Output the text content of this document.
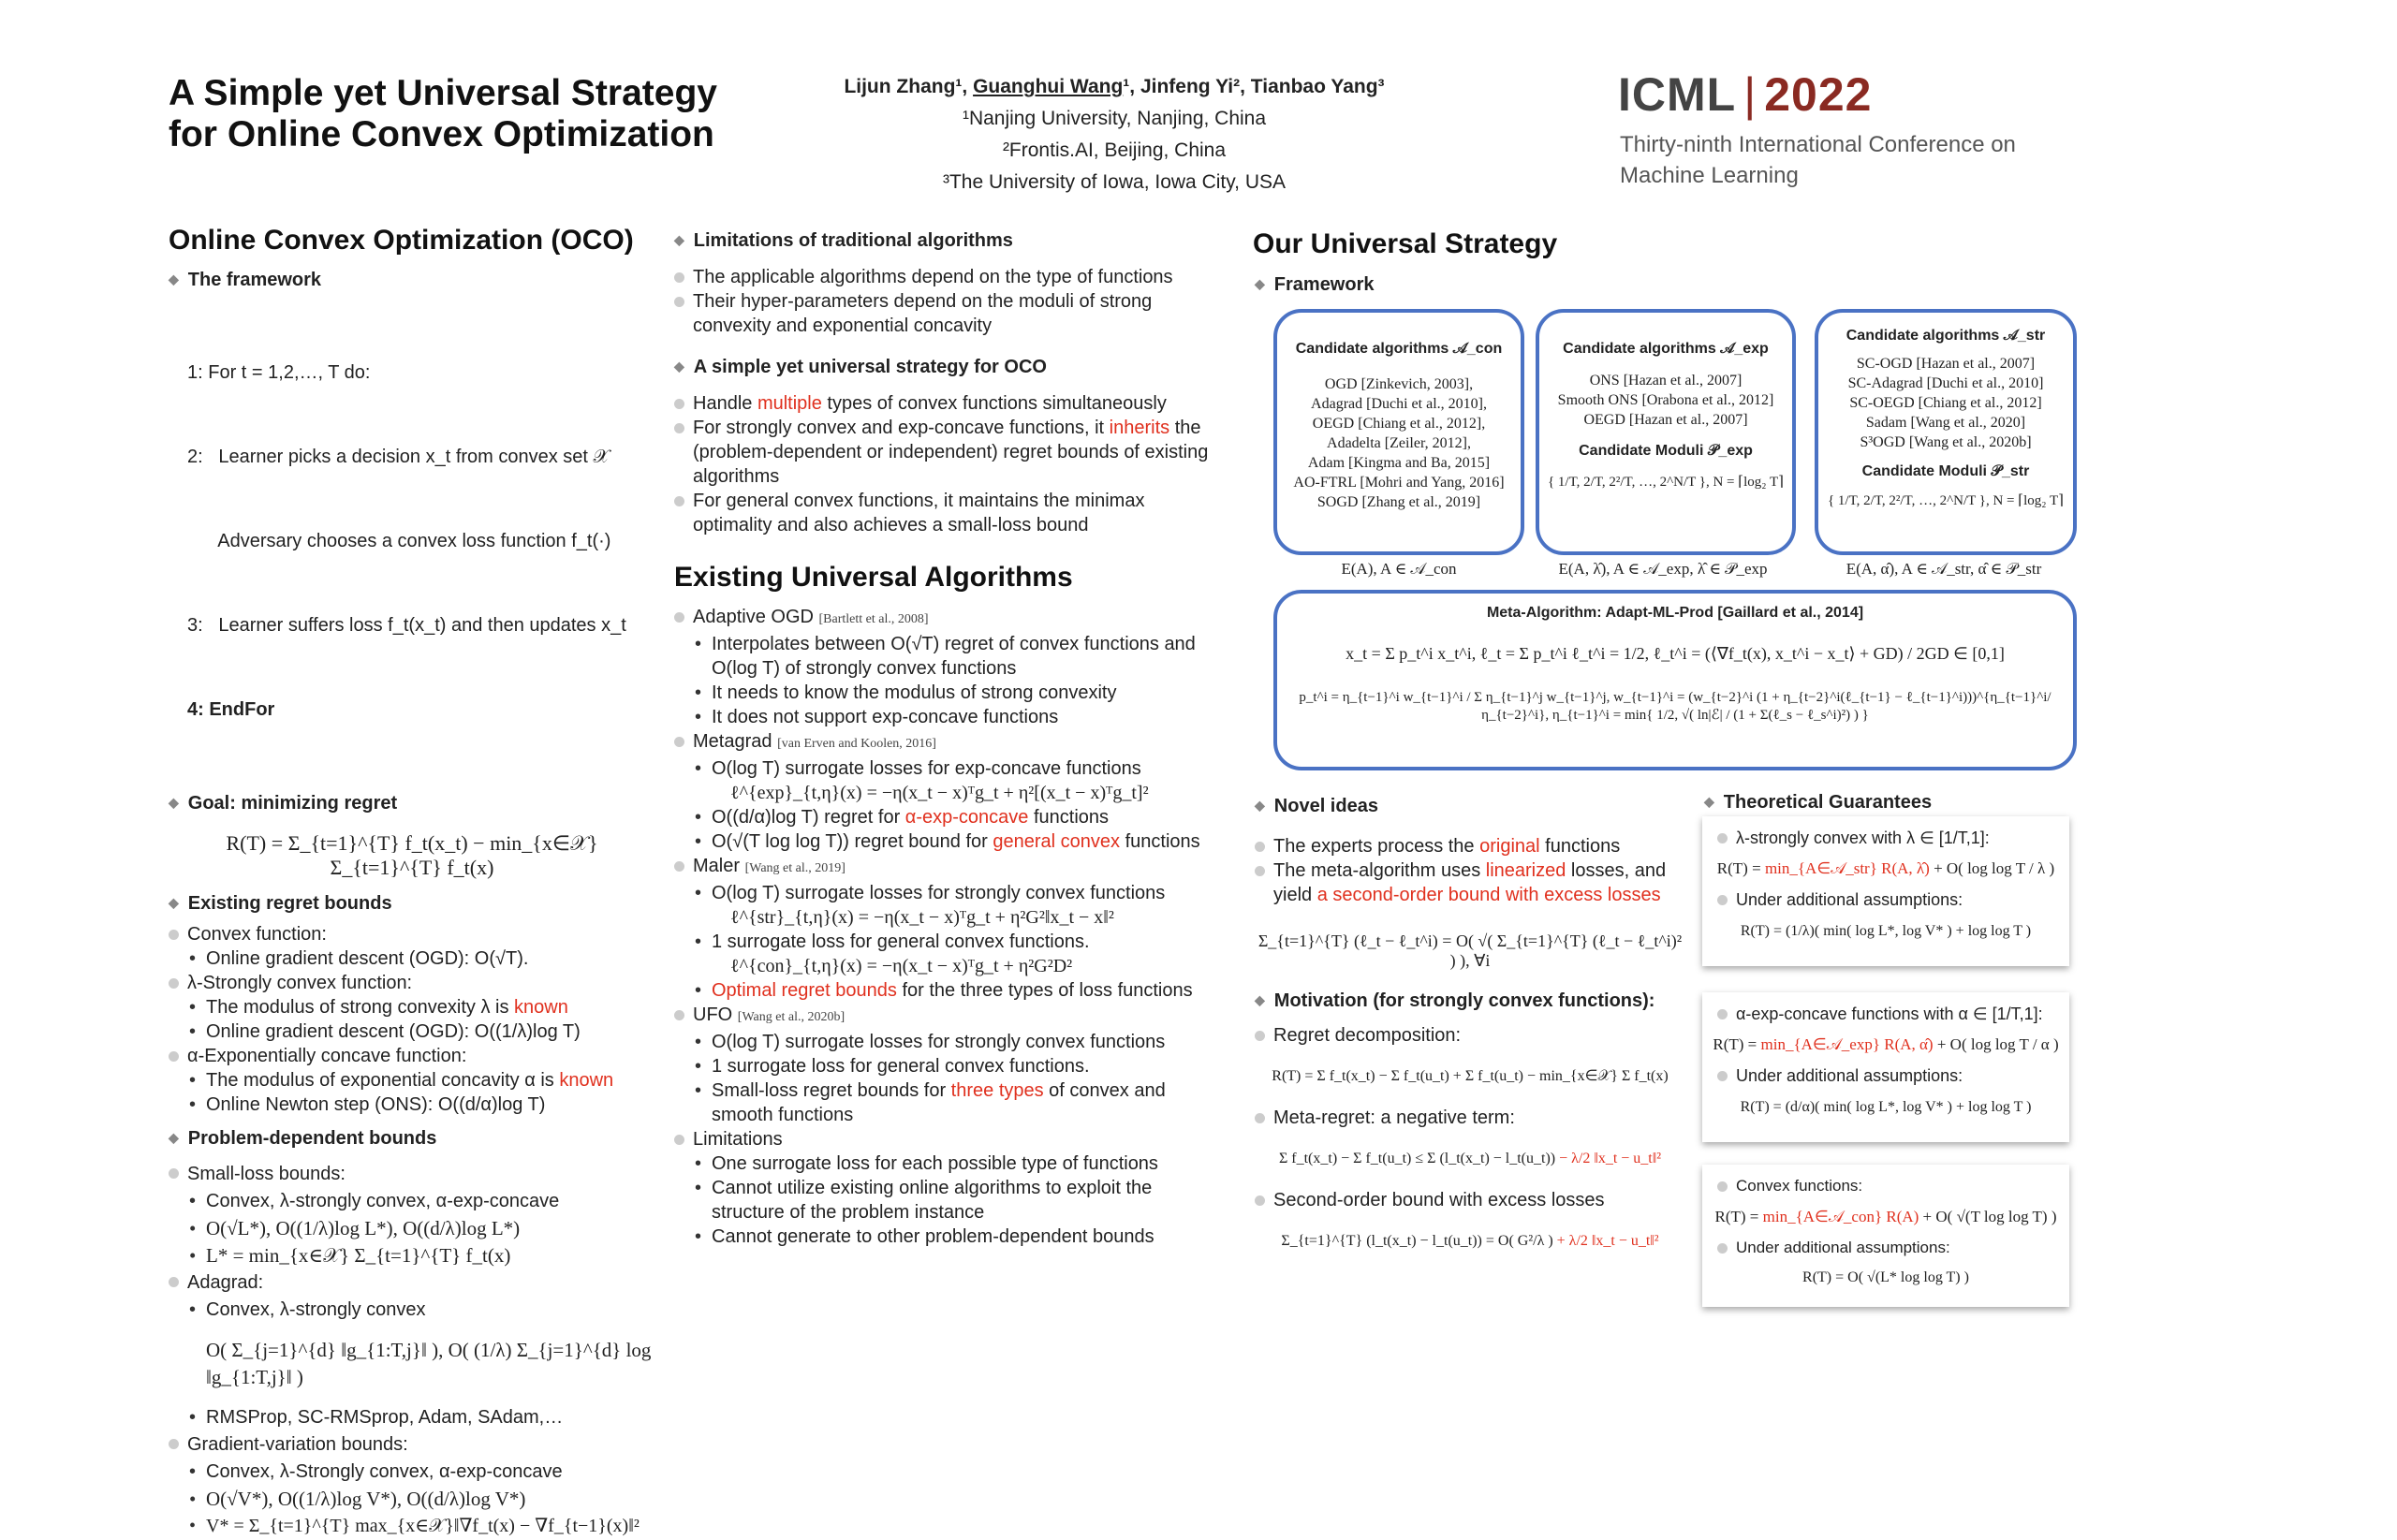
A Simple yet Universal Strategy
for Online Convex Optimization
Lijun Zhang¹, Guanghui Wang¹, Jinfeng Yi², Tianbao Yang³
¹Nanjing University, Nanjing, China
²Frontis.AI, Beijing, China
³The University of Iowa, Iowa City, USA
ICML | 2022
Thirty-ninth International Conference on
Machine Learning
Online Convex Optimization (OCO)
◆ The framework

1: For t = 1,2,…, T do:

2:   Learner picks a decision x_t from convex set 𝒳

Adversary chooses a convex loss function f_t(·)

3:   Learner suffers loss f_t(x_t) and then updates x_t

4: EndFor

◆ Goal: minimizing regret
R(T) = Σ_{t=1}^{T} f_t(x_t) − min_{x∈𝒳} Σ_{t=1}^{T} f_t(x)
◆ Existing regret bounds
Convex function:
• Online gradient descent (OGD): O(√T).
λ-Strongly convex function:
• The modulus of strong convexity λ is known
• Online gradient descent (OGD): O((1/λ)log T)
α-Exponentially concave function:
• The modulus of exponential concavity α is known
• Online Newton step (ONS): O((d/α)log T)
◆ Problem-dependent bounds
Small-loss bounds:
• Convex, λ-strongly convex, α-exp-concave
• O(√L*), O((1/λ)log L*), O((d/λ)log L*)
• L* = min_{x∈𝒳} Σ_{t=1}^{T} f_t(x)
Adagrad:
• Convex, λ-strongly convex
O( Σ_{j=1}^{d} ‖g_{1:T,j}‖ ), O( (1/λ) Σ_{j=1}^{d} log ‖g_{1:T,j}‖ )
• RMSProp, SC-RMSprop, Adam, SAdam,…
Gradient-variation bounds:
• Convex, λ-Strongly convex, α-exp-concave
• O(√V*), O((1/λ)log V*), O((d/λ)log V*)
• V* = Σ_{t=1}^{T} max_{x∈𝒳}‖∇f_t(x) − ∇f_{t−1}(x)‖²
◆ Limitations of traditional algorithms
The applicable algorithms depend on the type of functions
Their hyper-parameters depend on the moduli of strong convexity and exponential concavity
◆ A simple yet universal strategy for OCO
Handle multiple types of convex functions simultaneously
For strongly convex and exp-concave functions, it inherits the (problem-dependent or independent) regret bounds of existing algorithms
For general convex functions, it maintains the minimax optimality and also achieves a small-loss bound
Existing Universal Algorithms
Adaptive OGD [Bartlett et al., 2008]
• Interpolates between O(√T) regret of convex functions and O(log T) of strongly convex functions
• It needs to know the modulus of strong convexity
• It does not support exp-concave functions
Metagrad [van Erven and Koolen, 2016]
• O(log T) surrogate losses for exp-concave functions
ℓ^{exp}_{t,η}(x) = −η(x_t − x)ᵀg_t + η²[(x_t − x)ᵀg_t]²
• O((d/α)log T) regret for α-exp-concave functions
• O(√(T log log T)) regret bound for general convex functions
Maler [Wang et al., 2019]
• O(log T) surrogate losses for strongly convex functions
ℓ^{str}_{t,η}(x) = −η(x_t − x)ᵀg_t + η²G²‖x_t − x‖²
• 1 surrogate loss for general convex functions.
ℓ^{con}_{t,η}(x) = −η(x_t − x)ᵀg_t + η²G²D²
• Optimal regret bounds for the three types of loss functions
UFO [Wang et al., 2020b]
• O(log T) surrogate losses for strongly convex functions
• 1 surrogate loss for general convex functions.
• Small-loss regret bounds for three types of convex and smooth functions
Limitations
• One surrogate loss for each possible type of functions
• Cannot utilize existing online algorithms to exploit the structure of the problem instance
• Cannot generate to other problem-dependent bounds
Our Universal Strategy
◆ Framework
Candidate algorithms 𝒜_con
OGD [Zinkevich, 2003],
Adagrad [Duchi et al., 2010],
OEGD [Chiang et al., 2012],
Adadelta [Zeiler, 2012],
Adam [Kingma and Ba, 2015]
AO-FTRL [Mohri and Yang, 2016]
SOGD [Zhang et al., 2019]
E(A), A ∈ 𝒜_con
Candidate algorithms 𝒜_exp
ONS [Hazan et al., 2007]
Smooth ONS [Orabona et al., 2012]
OEGD [Hazan et al., 2007]
Candidate Moduli 𝒫_exp
{ 1/T, 2/T, 2²/T, …, 2^N/T }, N = ⌈log₂ T⌉
E(A, λ̂), A ∈ 𝒜_exp, λ̂ ∈ 𝒫_exp
Candidate algorithms 𝒜_str
SC-OGD [Hazan et al., 2007]
SC-Adagrad [Duchi et al., 2010]
SC-OEGD [Chiang et al., 2012]
Sadam [Wang et al., 2020]
S³OGD [Wang et al., 2020b]
Candidate Moduli 𝒫_str
{ 1/T, 2/T, 2²/T, …, 2^N/T }, N = ⌈log₂ T⌉
E(A, α̂), A ∈ 𝒜_str, α̂ ∈ 𝒫_str
Meta-Algorithm: Adapt-ML-Prod [Gaillard et al., 2014]
x_t = Σ p_t^i x_t^i, ℓ_t = Σ p_t^i ℓ_t^i = 1/2, ℓ_t^i = (⟨∇f_t(x), x_t^i − x_t⟩ + GD) / 2GD ∈ [0,1]
p_t^i = η_{t−1}^i w_{t−1}^i / Σ η_{t−1}^j w_{t−1}^j, w_{t−1}^i = (w_{t−2}^i (1 + η_{t−2}^i(ℓ_{t−1} − ℓ_{t−1}^i)))^{η_{t−1}^i/η_{t−2}^i}, η_{t−1}^i = min{ 1/2, √( ln|ℰ| / (1 + Σ(ℓ_s − ℓ_s^i)²) ) }
◆ Novel ideas
The experts process the original functions
The meta-algorithm uses linearized losses, and yield a second-order bound with excess losses
Σ_{t=1}^{T} (ℓ_t − ℓ_t^i) = O( √( Σ_{t=1}^{T} (ℓ_t − ℓ_t^i)² ) ), ∀i
◆ Motivation (for strongly convex functions):
Regret decomposition:
R(T) = Σ f_t(x_t) − Σ f_t(u_t) + Σ f_t(u_t) − min_{x∈𝒳} Σ f_t(x)
Meta-regret: a negative term:
Σ f_t(x_t) − Σ f_t(u_t) ≤ Σ (l_t(x_t) − l_t(u_t)) − λ/2 ‖x_t − u_t‖²
Second-order bound with excess losses
Σ_{t=1}^{T} (l_t(x_t) − l_t(u_t)) = O( G²/λ ) + λ/2 ‖x_t − u_t‖²
◆ Theoretical Guarantees
λ-strongly convex with λ ∈ [1/T,1]:
R(T) = min_{A∈𝒜_str} R(A, λ̂) + O( log log T / λ )
Under additional assumptions:
R(T) = (1/λ)( min( log L*, log V* ) + log log T )
α-exp-concave functions with α ∈ [1/T,1]:
R(T) = min_{A∈𝒜_exp} R(A, α̂) + O( log log T / α )
Under additional assumptions:
R(T) = (d/α)( min( log L*, log V* ) + log log T )
Convex functions:
R(T) = min_{A∈𝒜_con} R(A) + O( √(T log log T) )
Under additional assumptions:
R(T) = O( √(L* log log T) )
